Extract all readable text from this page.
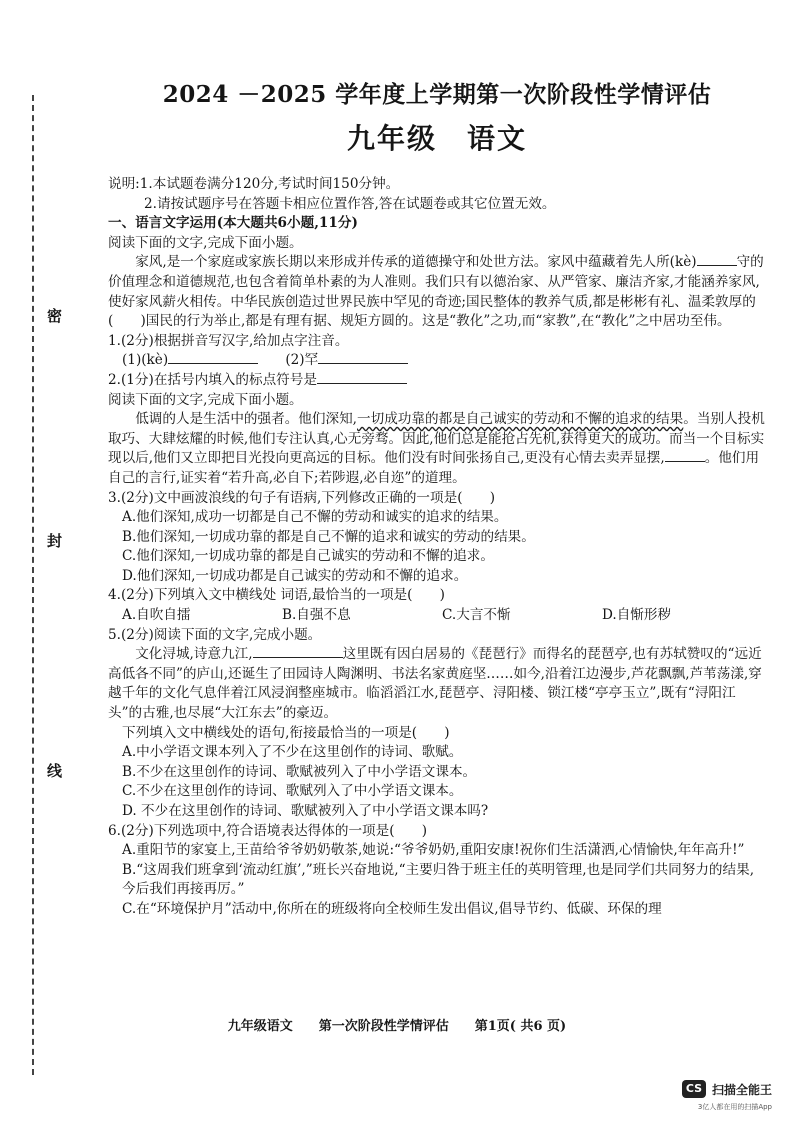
密
封
线
2024 －2025 学年度上学期第一次阶段性学情评估
九年级　语文

说明:1.本试题卷满分120分,考试时间150分钟。

2.请按试题序号在答题卡相应位置作答,答在试题卷或其它位置无效。

一、语言文字运用(本大题共6小题,11分)

阅读下面的文字,完成下面小题。

家风,是一个家庭或家族长期以来形成并传承的道德操守和处世方法。家风中蕴藏着先人所(kè)	守的价值理念和道德规范,也包含着简单朴素的为人准则。我们只有以德治家、从严管家、廉洁齐家,才能涵养家风,使好家风薪火相传。中华民族创造过世界民族中罕见的奇迹;国民整体的教养气质,都是彬彬有礼、温柔敦厚的(　　)国民的行为举止,都是有理有据、规矩方圆的。这是“教化”之功,而“家教”,在“教化”之中居功至伟。

1.(2分)根据拼音写汉字,给加点字注音。

(1)(kè)　　	(2)罕

2.(1分)在括号内填入的标点符号是

阅读下面的文字,完成下面小题。

低调的人是生活中的强者。他们深知,一切成功靠的都是自己诚实的劳动和不懈的追求的结果。当别人投机取巧、大肆炫耀的时候,他们专注认真,心无旁骛。因此,他们总是能抢占先机,获得更大的成功。而当一个目标实现以后,他们又立即把目光投向更高远的目标。他们没有时间张扬自己,更没有心情去卖弄显摆,	。他们用自己的言行,证实着“若升高,必自下;若陟遐,必自迩”的道理。

3.(2分)文中画波浪线的句子有语病,下列修改正确的一项是(　　)

A.他们深知,成功一切都是自己不懈的劳动和诚实的追求的结果。

B.他们深知,一切成功靠的都是自己不懈的追求和诚实的劳动的结果。

C.他们深知,一切成功靠的都是自己诚实的劳动和不懈的追求。

D.他们深知,一切成功都是自己诚实的劳动和不懈的追求。

4.(2分)下列填入文中横线处 词语,最恰当的一项是(　　)

A.自吹自擂	B.自强不息	C.大言不惭	D.自惭形秽

5.(2分)阅读下面的文字,完成小题。

文化浔城,诗意九江,	这里既有因白居易的《琵琶行》而得名的琵琶亭,也有苏轼赞叹的“远近高低各不同”的庐山,还诞生了田园诗人陶渊明、书法名家黄庭坚……如今,沿着江边漫步,芦花飘飘,芦苇荡漾,穿越千年的文化气息伴着江风浸润整座城市。临滔滔江水,琵琶亭、浔阳楼、锁江楼“亭亭玉立”,既有“浔阳江头”的古雅,也尽展“大江东去”的豪迈。

下列填入文中横线处的语句,衔接最恰当的一项是(　　)

A.中小学语文课本列入了不少在这里创作的诗词、歌赋。

B.不少在这里创作的诗词、歌赋被列入了中小学语文课本。

C.不少在这里创作的诗词、歌赋列入了中小学语文课本。

D. 不少在这里创作的诗词、歌赋被列入了中小学语文课本吗?

6.(2分)下列选项中,符合语境表达得体的一项是(　　)

A.重阳节的家宴上,王苗给爷爷奶奶敬茶,她说:“爷爷奶奶,重阳安康!祝你们生活潇洒,心情愉快,年年高升!”

B.“这周我们班拿到‘流动红旗’,”班长兴奋地说,“主要归咎于班主任的英明管理,也是同学们共同努力的结果,今后我们再接再厉。”

C.在“环境保护月”活动中,你所在的班级将向全校师生发出倡议,倡导节约、低碳、环保的理

九年级语文　　第一次阶段性学情评估　　第1页( 共6 页)
CS 扫描全能王
3亿人都在用的扫描App
